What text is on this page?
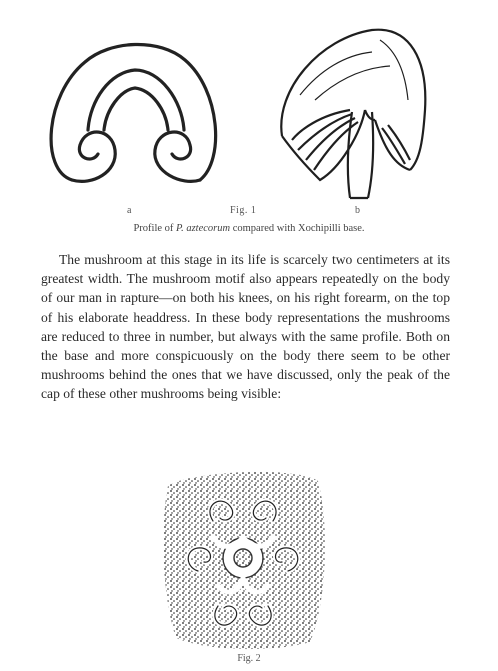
a	Fig. 1	b
Profile of P. aztecorum compared with Xochipilli base.

The mushroom at this stage in its life is scarcely two centimeters at its greatest width. The mushroom motif also appears repeatedly on the body of our man in rapture—on both his knees, on his right forearm, on the top of his elaborate headdress. In these body representations the mushrooms are reduced to three in number, but always with the same profile. Both on the base and more conspicuously on the body there seem to be other mushrooms behind the ones that we have discussed, only the peak of the cap of these other mushrooms being visible:

Fig. 2
